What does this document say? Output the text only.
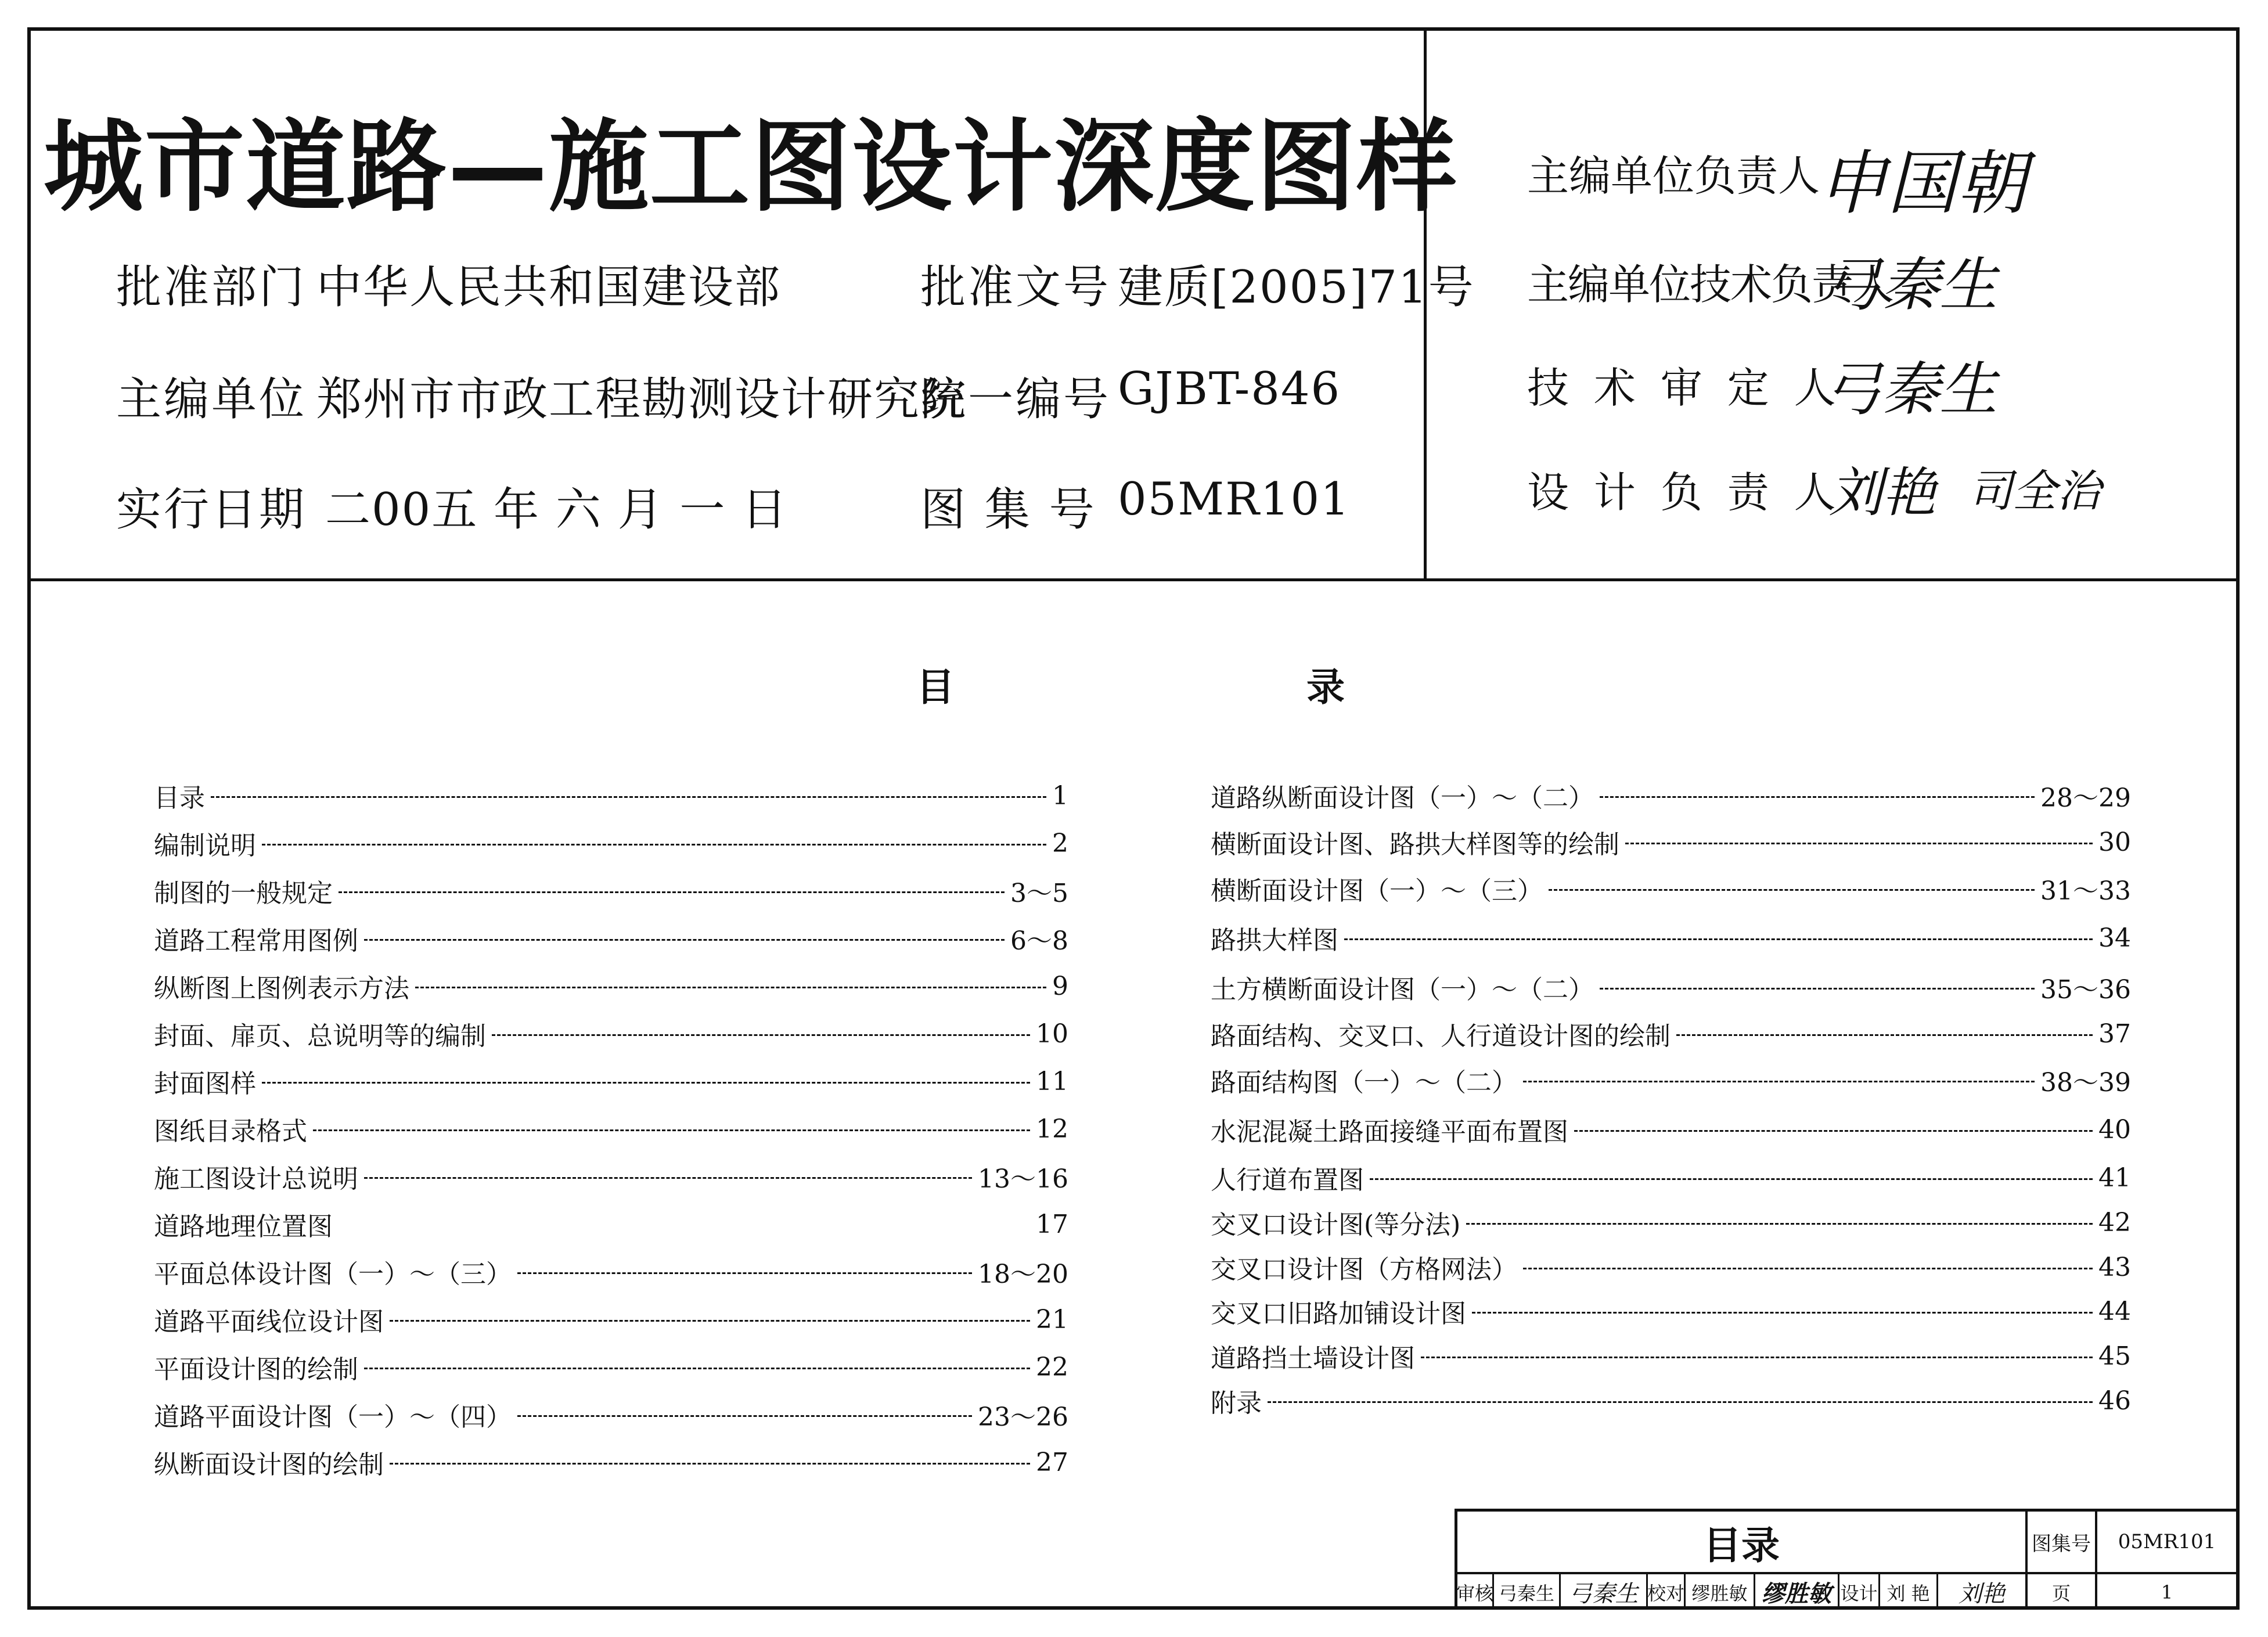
城市道路—施工图设计深度图样
批准部门 中华人民共和国建设部	批准文号 建质[2005]71号
主编单位 郑州市市政工程勘测设计研究院
统一编号 GJBT-846
实行日期 二00五 年 六 月 一 日	图 集 号 05MR101
主编单位负责人
申国朝
主编单位技术负责人
弓秦生
技 术 审 定 人
弓秦生
设 计 负 责 人
刘艳 司全治
目	录
目录	1
编制说明	2
制图的一般规定	3～5
道路工程常用图例	6～8
纵断图上图例表示方法	9
封面、扉页、总说明等的编制	10
封面图样	11
图纸目录格式	12
施工图设计总说明	13～16
道路地理位置图	17
平面总体设计图（一）～（三）	18～20
道路平面线位设计图	21
平面设计图的绘制	22
道路平面设计图（一）～（四）	23～26
纵断面设计图的绘制	27
道路纵断面设计图（一）～（二）	28～29
横断面设计图、路拱大样图等的绘制	30
横断面设计图（一）～（三）	31～33
路拱大样图	34
土方横断面设计图（一）～（二）	35～36
路面结构、交叉口、人行道设计图的绘制	37
路面结构图（一）～（二）	38～39
水泥混凝土路面接缝平面布置图	40
人行道布置图	41
交叉口设计图(等分法)	42
交叉口设计图（方格网法）	43
交叉口旧路加铺设计图	44
道路挡土墙设计图	45
附录	46
目录	图集号	05MR101
审核 弓秦生 弓秦生 校对 缪胜敏 缪胜敏 设计 刘 艳	刘艳	页	1
